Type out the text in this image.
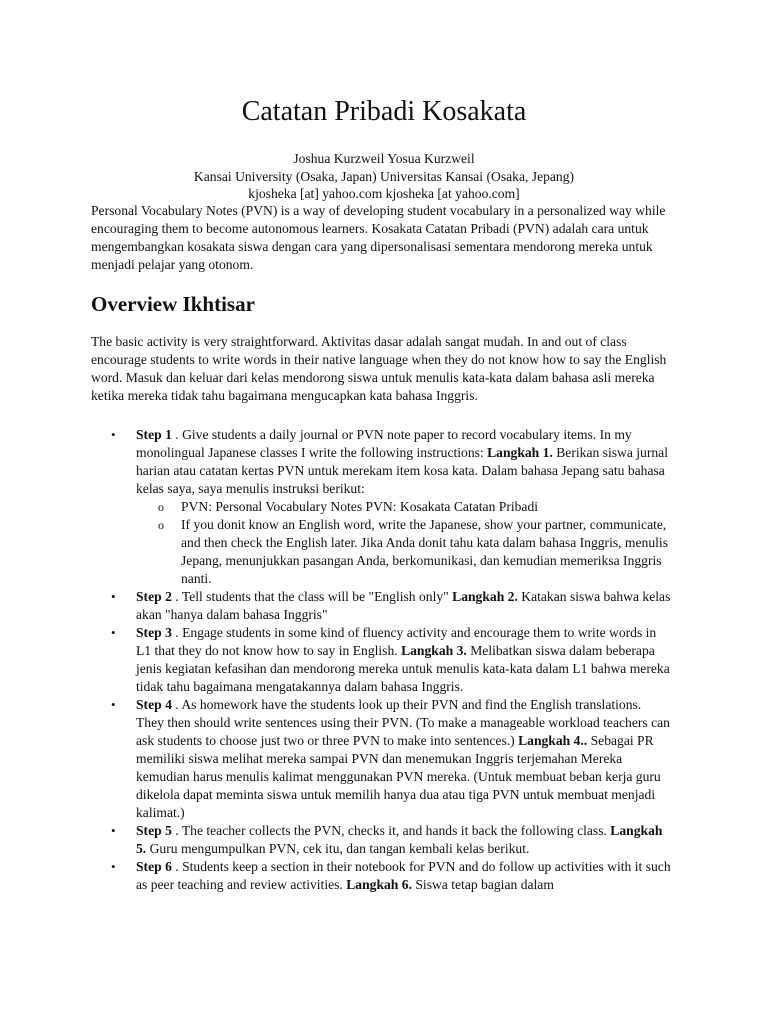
Catatan Pribadi Kosakata
Joshua Kurzweil Yosua Kurzweil
Kansai University (Osaka, Japan) Universitas Kansai (Osaka, Jepang)
kjosheka [at] yahoo.com kjosheka [at yahoo.com]
Personal Vocabulary Notes (PVN) is a way of developing student vocabulary in a personalized way while encouraging them to become autonomous learners. Kosakata Catatan Pribadi (PVN) adalah cara untuk mengembangkan kosakata siswa dengan cara yang dipersonalisasi sementara mendorong mereka untuk menjadi pelajar yang otonom.
Overview Ikhtisar
The basic activity is very straightforward. Aktivitas dasar adalah sangat mudah. In and out of class encourage students to write words in their native language when they do not know how to say the English word. Masuk dan keluar dari kelas mendorong siswa untuk menulis kata-kata dalam bahasa asli mereka ketika mereka tidak tahu bagaimana mengucapkan kata bahasa Inggris.
• Step 1 . Give students a daily journal or PVN note paper to record vocabulary items. In my monolingual Japanese classes I write the following instructions: Langkah 1. Berikan siswa jurnal harian atau catatan kertas PVN untuk merekam item kosa kata. Dalam bahasa Jepang satu bahasa kelas saya, saya menulis instruksi berikut:
o PVN: Personal Vocabulary Notes PVN: Kosakata Catatan Pribadi
o If you donit know an English word, write the Japanese, show your partner, communicate, and then check the English later. Jika Anda donit tahu kata dalam bahasa Inggris, menulis Jepang, menunjukkan pasangan Anda, berkomunikasi, dan kemudian memeriksa Inggris nanti.
• Step 2 . Tell students that the class will be "English only" Langkah 2. Katakan siswa bahwa kelas akan "hanya dalam bahasa Inggris"
• Step 3 . Engage students in some kind of fluency activity and encourage them to write words in L1 that they do not know how to say in English. Langkah 3. Melibatkan siswa dalam beberapa jenis kegiatan kefasihan dan mendorong mereka untuk menulis kata-kata dalam L1 bahwa mereka tidak tahu bagaimana mengatakannya dalam bahasa Inggris.
• Step 4 . As homework have the students look up their PVN and find the English translations. They then should write sentences using their PVN. (To make a manageable workload teachers can ask students to choose just two or three PVN to make into sentences.) Langkah 4.. Sebagai PR memiliki siswa melihat mereka sampai PVN dan menemukan Inggris terjemahan Mereka kemudian harus menulis kalimat menggunakan PVN mereka. (Untuk membuat beban kerja guru dikelola dapat meminta siswa untuk memilih hanya dua atau tiga PVN untuk membuat menjadi kalimat.)
• Step 5 . The teacher collects the PVN, checks it, and hands it back the following class. Langkah 5. Guru mengumpulkan PVN, cek itu, dan tangan kembali kelas berikut.
• Step 6 . Students keep a section in their notebook for PVN and do follow up activities with it such as peer teaching and review activities. Langkah 6. Siswa tetap bagian dalam
